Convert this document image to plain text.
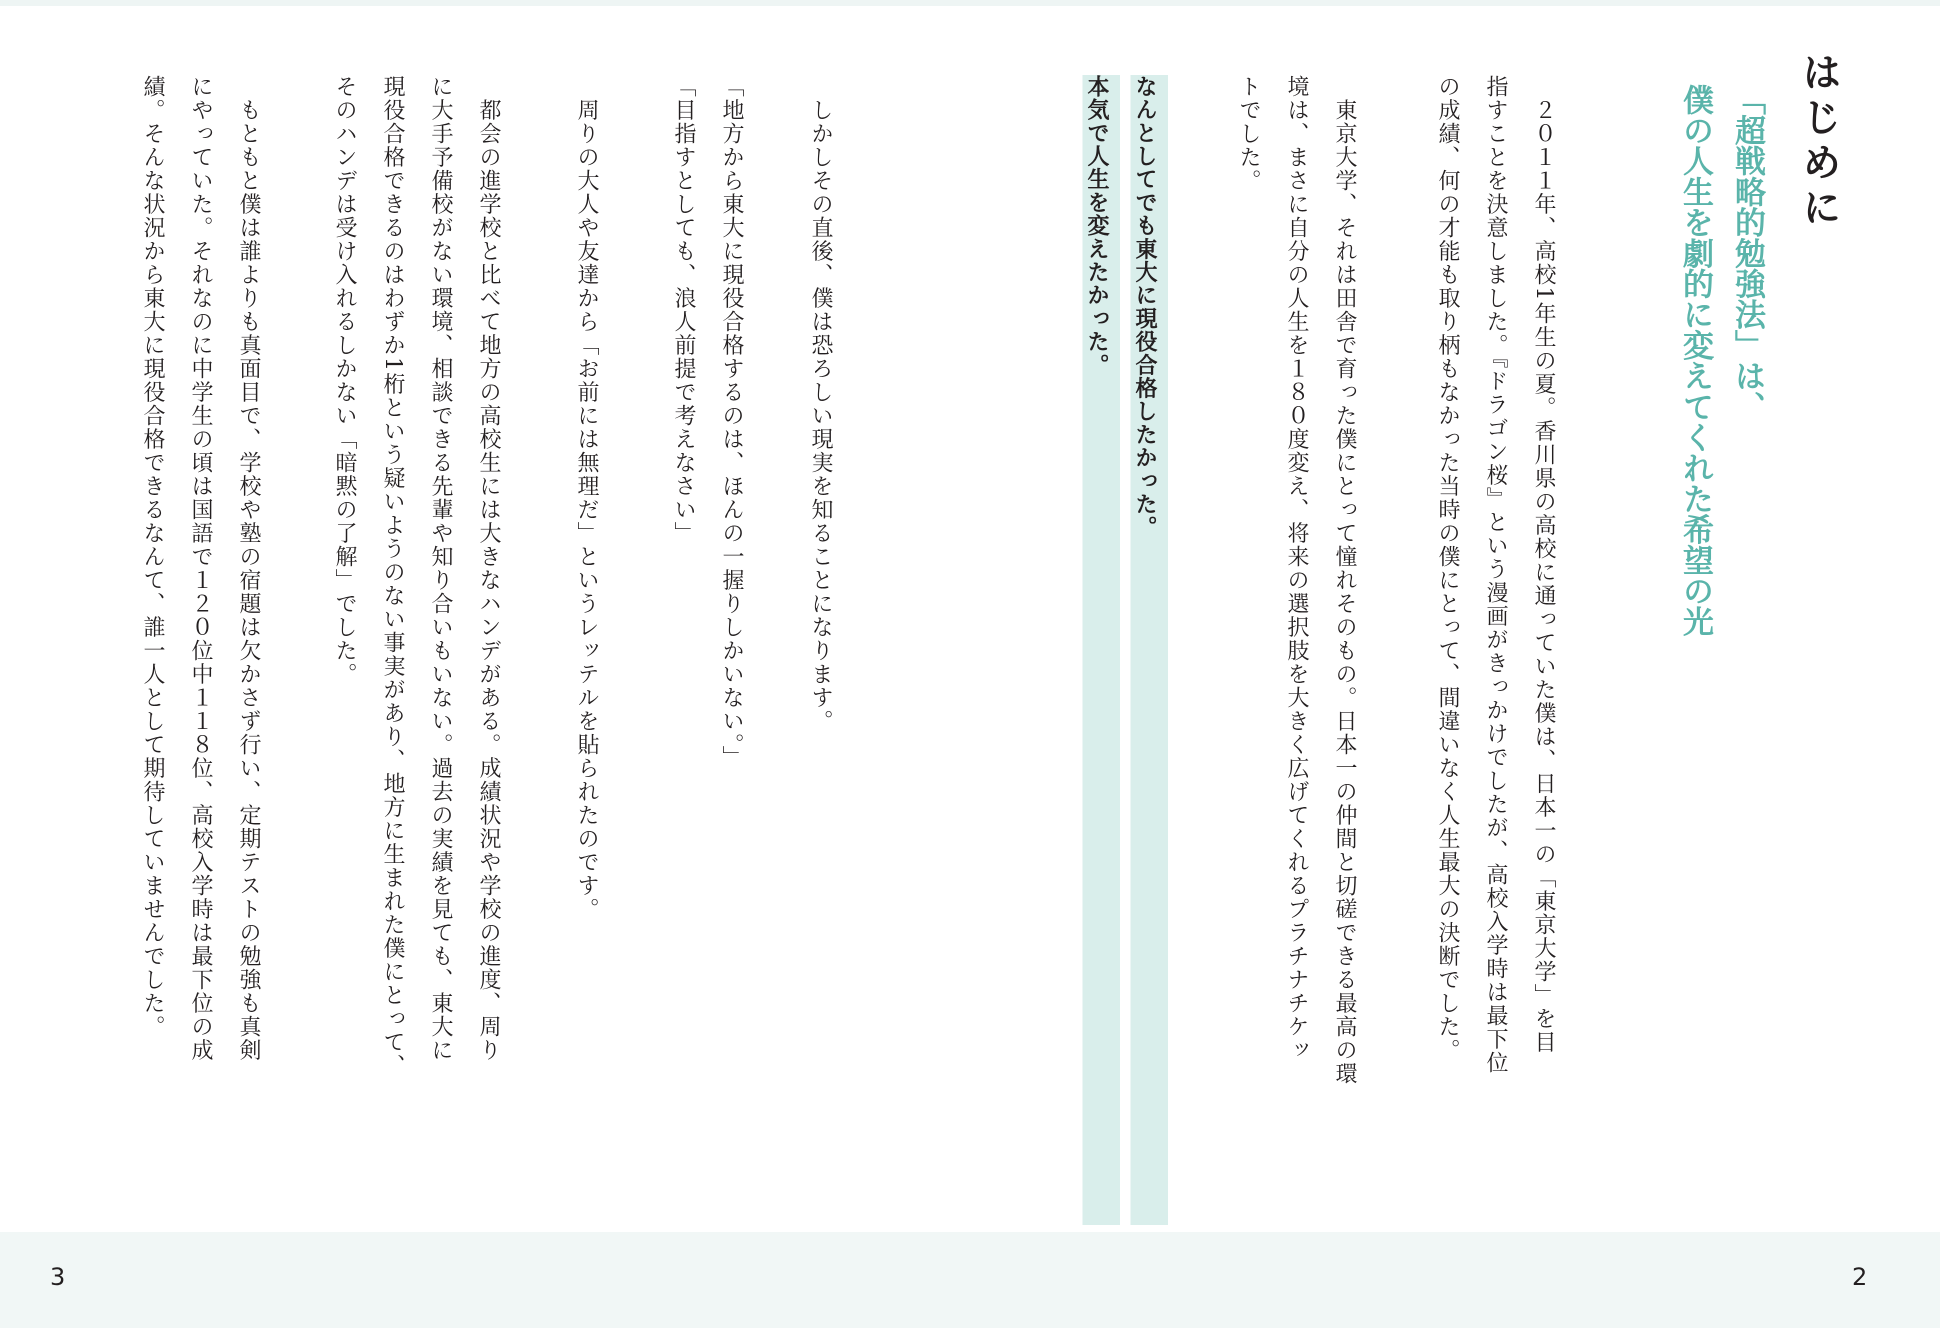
はじめに
「超戦略的勉強法」は、
僕の人生を劇的に変えてくれた希望の光

　２０１１年、高校1年生の夏。香川県の高校に通っていた僕は、日本一の「東京大学」を目

指すことを決意しました。『ドラゴン桜』という漫画がきっかけでしたが、高校入学時は最下位

の成績、何の才能も取り柄もなかった当時の僕にとって、間違いなく人生最大の決断でした。

　東京大学、それは田舎で育った僕にとって憧れそのもの。日本一の仲間と切磋できる最高の環

境は、まさに自分の人生を１８０度変え、将来の選択肢を大きく広げてくれるプラチナチケッ

トでした。

なんとしてでも東大に現役合格したかった。

本気で人生を変えたかった。

　しかしその直後、僕は恐ろしい現実を知ることになります。

「地方から東大に現役合格するのは、ほんの一握りしかいない。」

「目指すとしても、浪人前提で考えなさい」

　周りの大人や友達から「お前には無理だ」というレッテルを貼られたのです。

　都会の進学校と比べて地方の高校生には大きなハンデがある。成績状況や学校の進度、周り

に大手予備校がない環境、相談できる先輩や知り合いもいない。過去の実績を見ても、東大に

現役合格できるのはわずか1桁という疑いようのない事実があり、地方に生まれた僕にとって、

そのハンデは受け入れるしかない「暗黙の了解」でした。

　もともと僕は誰よりも真面目で、学校や塾の宿題は欠かさず行い、定期テストの勉強も真剣

にやっていた。それなのに中学生の頃は国語で１２０位中１１８位、高校入学時は最下位の成

績。そんな状況から東大に現役合格できるなんて、誰一人として期待していませんでした。

3	2
